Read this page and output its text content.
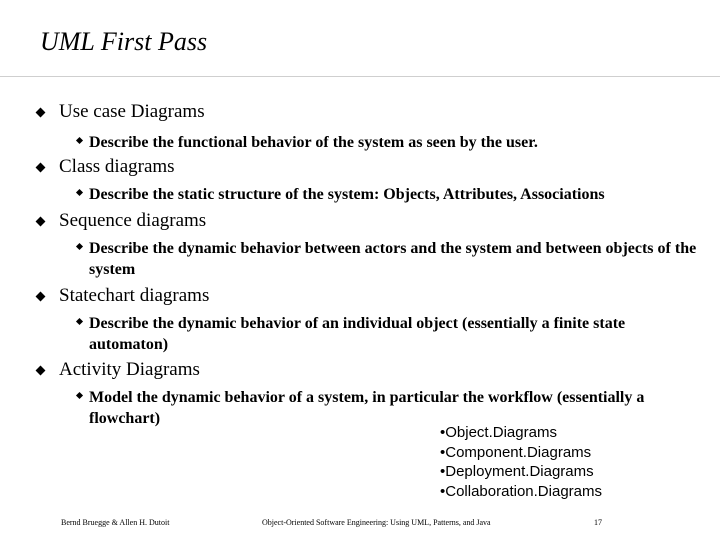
UML First Pass
Use case Diagrams
Describe the functional behavior of the system as seen by the user.
Class diagrams
Describe the static structure of the system: Objects, Attributes, Associations
Sequence diagrams
Describe the dynamic behavior between actors and the system and between objects of the system
Statechart diagrams
Describe the dynamic behavior of an individual object (essentially a finite state automaton)
Activity Diagrams
Model the dynamic behavior of a system, in particular the workflow (essentially a flowchart)
•Object.Diagrams
•Component.Diagrams
•Deployment.Diagrams
•Collaboration.Diagrams
Bernd Bruegge & Allen H. Dutoit	Object-Oriented Software Engineering: Using UML, Patterns, and Java	17
